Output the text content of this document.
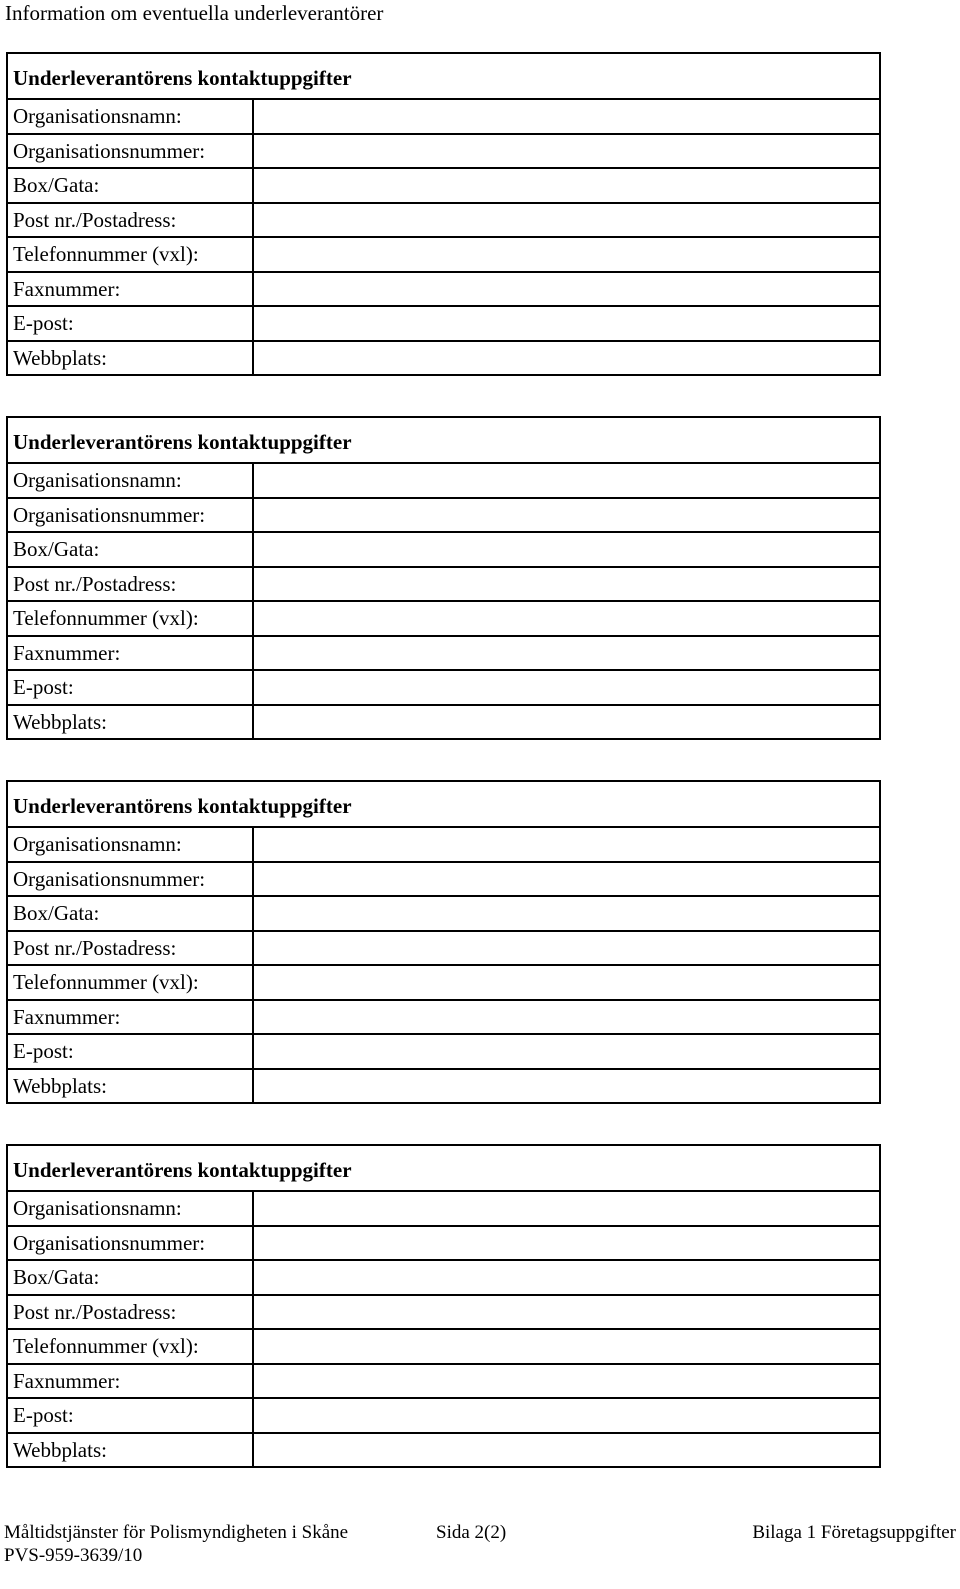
Information om eventuella underleverantörer
Underleverantörens kontaktuppgifter	
Organisationsnamn:	
Organisationsnummer:	
Box/Gata:	
Post nr./Postadress:	
Telefonnummer (vxl):	
Faxnummer:	
E-post:	
Webbplats:	
Underleverantörens kontaktuppgifter	
Organisationsnamn:	
Organisationsnummer:	
Box/Gata:	
Post nr./Postadress:	
Telefonnummer (vxl):	
Faxnummer:	
E-post:	
Webbplats:	
Underleverantörens kontaktuppgifter	
Organisationsnamn:	
Organisationsnummer:	
Box/Gata:	
Post nr./Postadress:	
Telefonnummer (vxl):	
Faxnummer:	
E-post:	
Webbplats:	
Underleverantörens kontaktuppgifter	
Organisationsnamn:	
Organisationsnummer:	
Box/Gata:	
Post nr./Postadress:	
Telefonnummer (vxl):	
Faxnummer:	
E-post:	
Webbplats:	
Måltidstjänster för Polismyndigheten i Skåne	Sida 2(2)	Bilaga 1 Företagsuppgifter
PVS-959-3639/10
